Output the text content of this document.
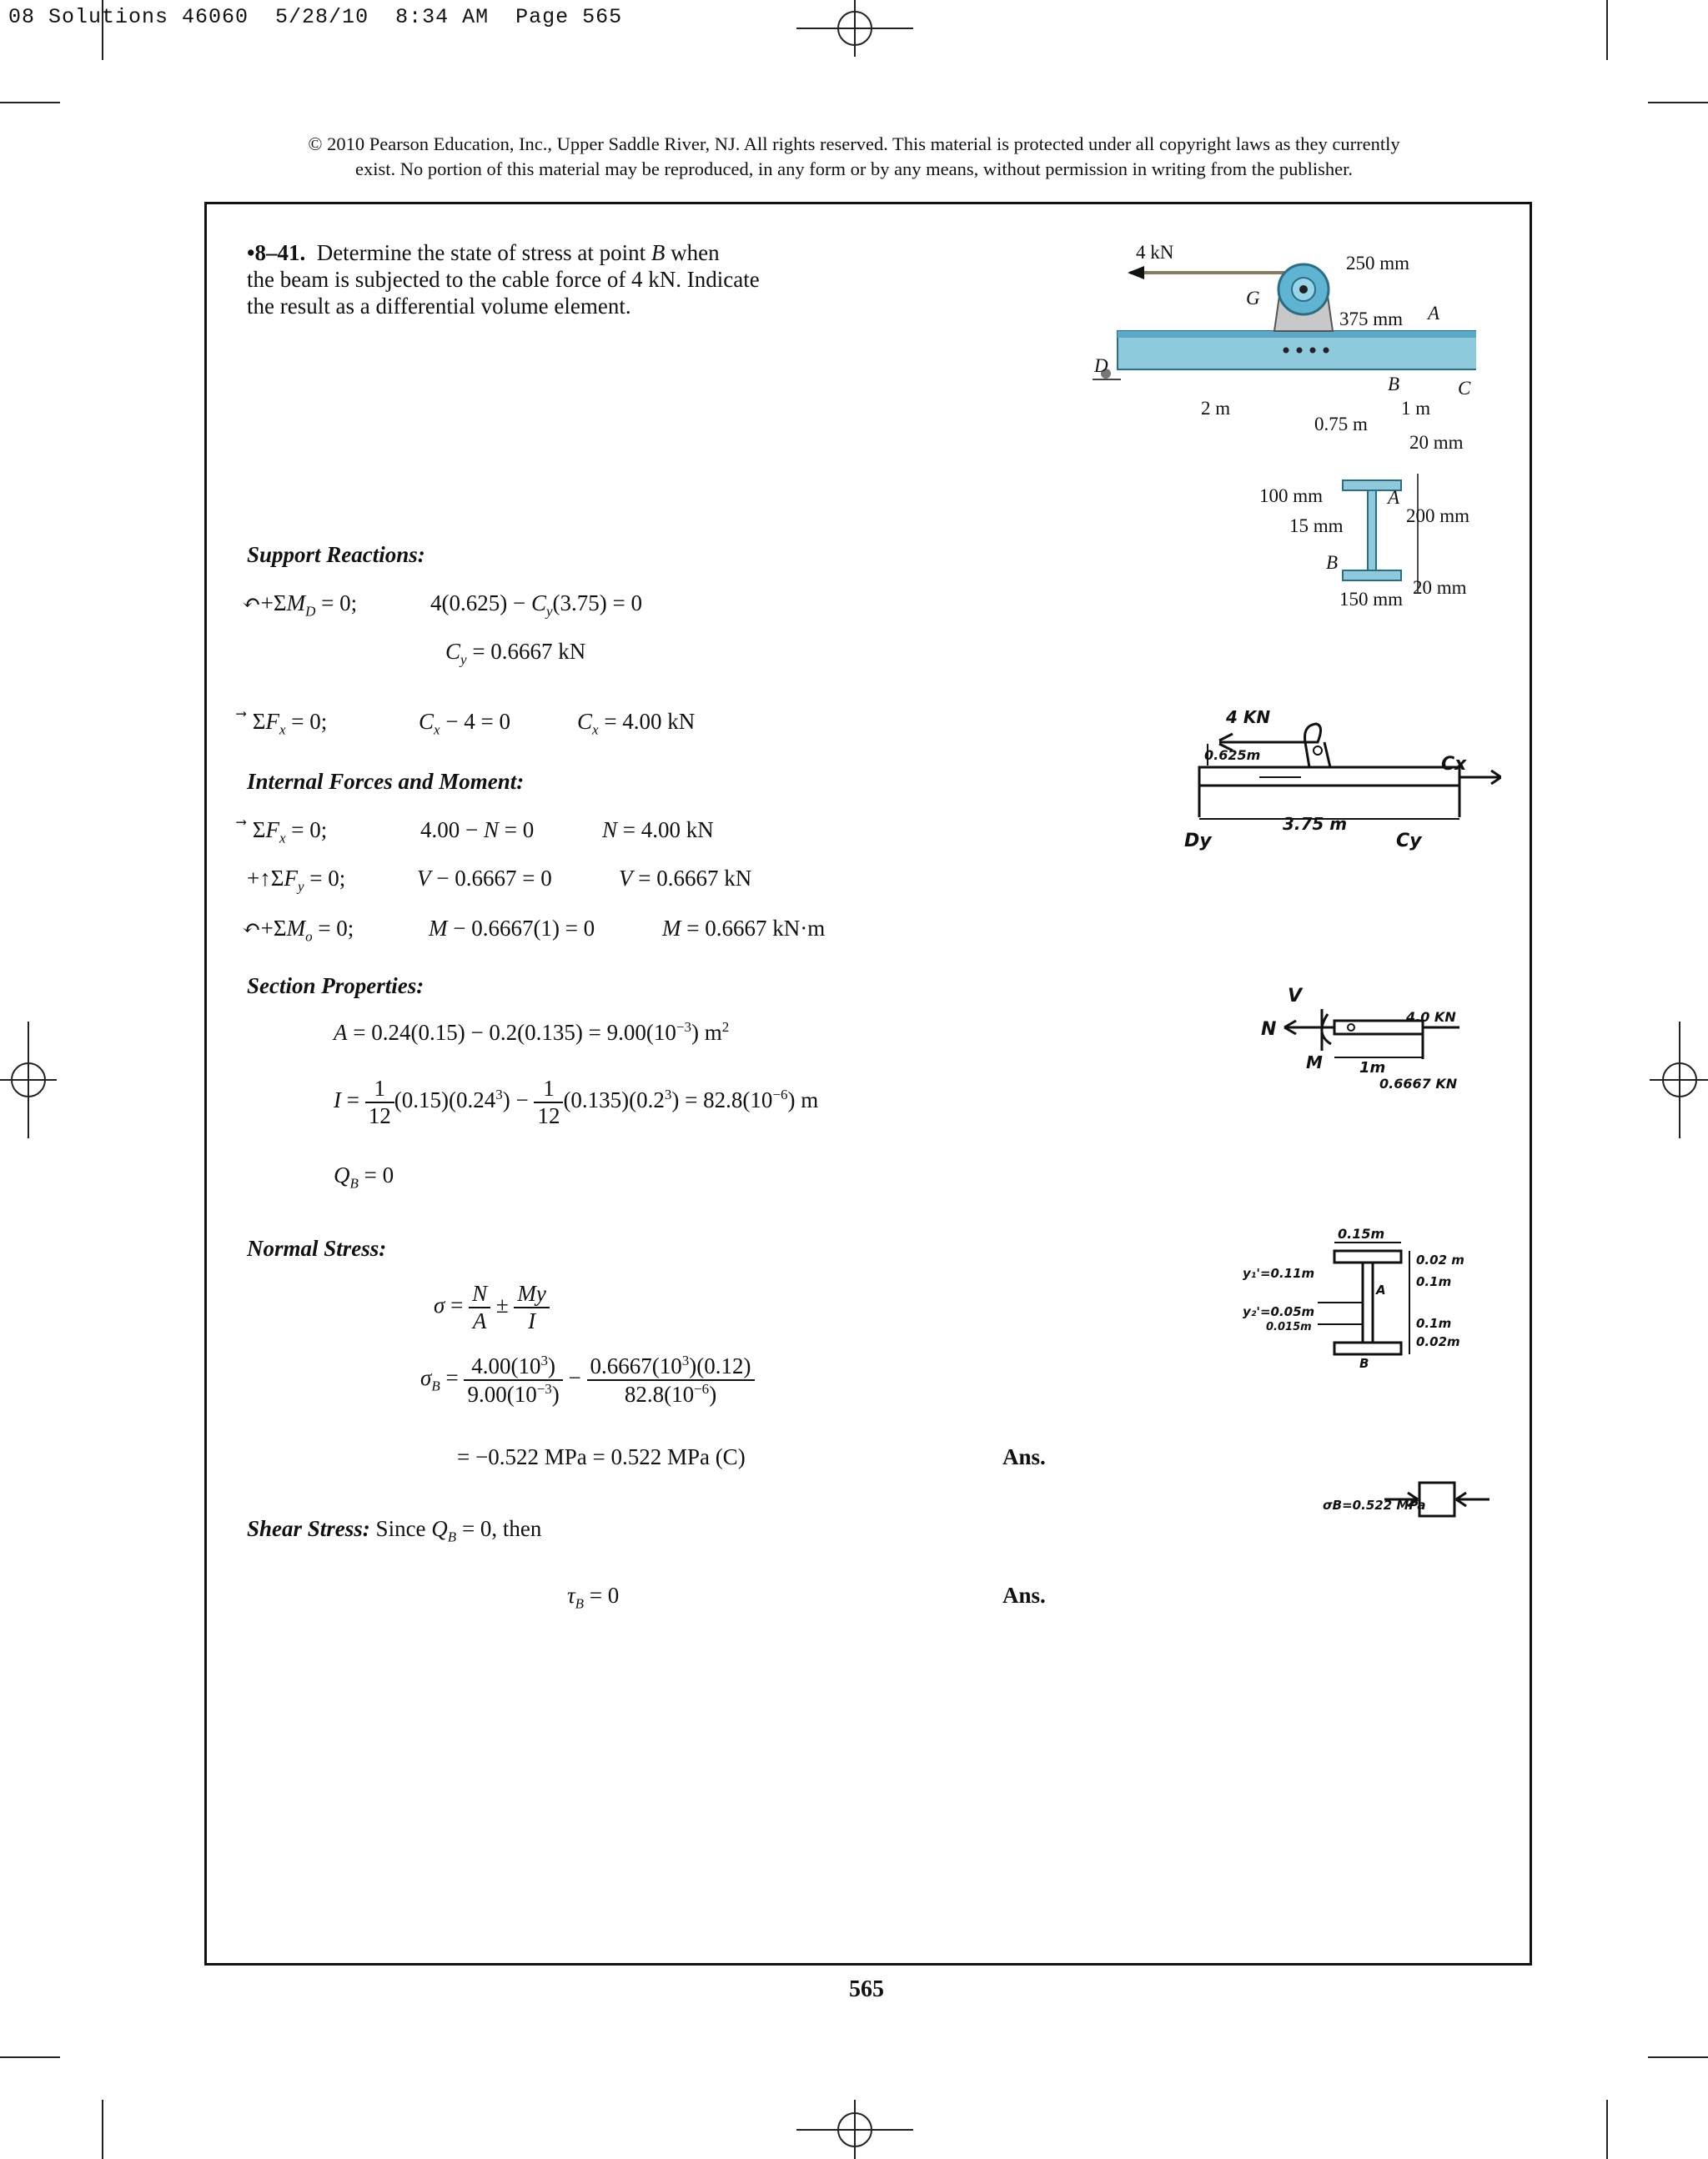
08 Solutions 46060  5/28/10  8:34 AM  Page 565
© 2010 Pearson Education, Inc., Upper Saddle River, NJ. All rights reserved. This material is protected under all copyright laws as they currently
exist. No portion of this material may be reproduced, in any form or by any means, without permission in writing from the publisher.
•8–41. Determine the state of stress at point B when
the beam is subjected to the cable force of 4 kN. Indicate
the result as a differential volume element.
4 kN
250 mm
G
375 mm A
D
B	C
2 m
0.75 m
1 m
20 mm
100 mm	A
200 mm
15 mm
B
20 mm
150 mm
Support Reactions:
$↶+\Sigma M_D = 0$;	$4(0.625) - C_y(3.75) = 0$
$C_y = 0.6667$ kN
⃗ $\Sigma F_x = 0$;	$C_x - 4 = 0$	$C_x = 4.00$ kN
Internal Forces and Moment:
⃗ $\Sigma F_x = 0$;	4.00 − N = 0	N = 4.00 kN
$+↑\Sigma F_y = 0$;	V − 0.6667 = 0	V = 0.6667 kN
$↶+\Sigma M_o = 0$;	M − 0.6667(1) = 0	M = 0.6667 kN·m
Section Properties:
$A = 0.24(0.15) - 0.2(0.135) = 9.00(10^{-3})$ $m^2$
$I = \frac{1}{12} (0.15)(0.24^3) - \frac{1}{12} (0.135)(0.2^3) = 82.8(10^{-6})$ m
$Q_B = 0$
Normal Stress:
$\sigma = \frac{N}{A} \pm \frac{My}{I}$
$\sigma_B = \frac{4.00(10^3)}{9.00(10^{-3})} - \frac{0.6667(10^3)(0.12)}{82.8(10^{-6})}$
= −0.522 MPa = 0.522 MPa (C)	Ans.
Shear Stress: Since $Q_B = 0$, then
$\tau_B = 0$	Ans.
4 KN
0.625m
3.75 m
Cx
Dy	Cy
V
N
M
4.0 KN
1m
0.6667 KN
0.15m
0.02 m
0.1m
y₁'=0.11m
y₂'=0.05m
0.015m	0.1m
0.02m
A
B
σB=0.522 MPa
565
